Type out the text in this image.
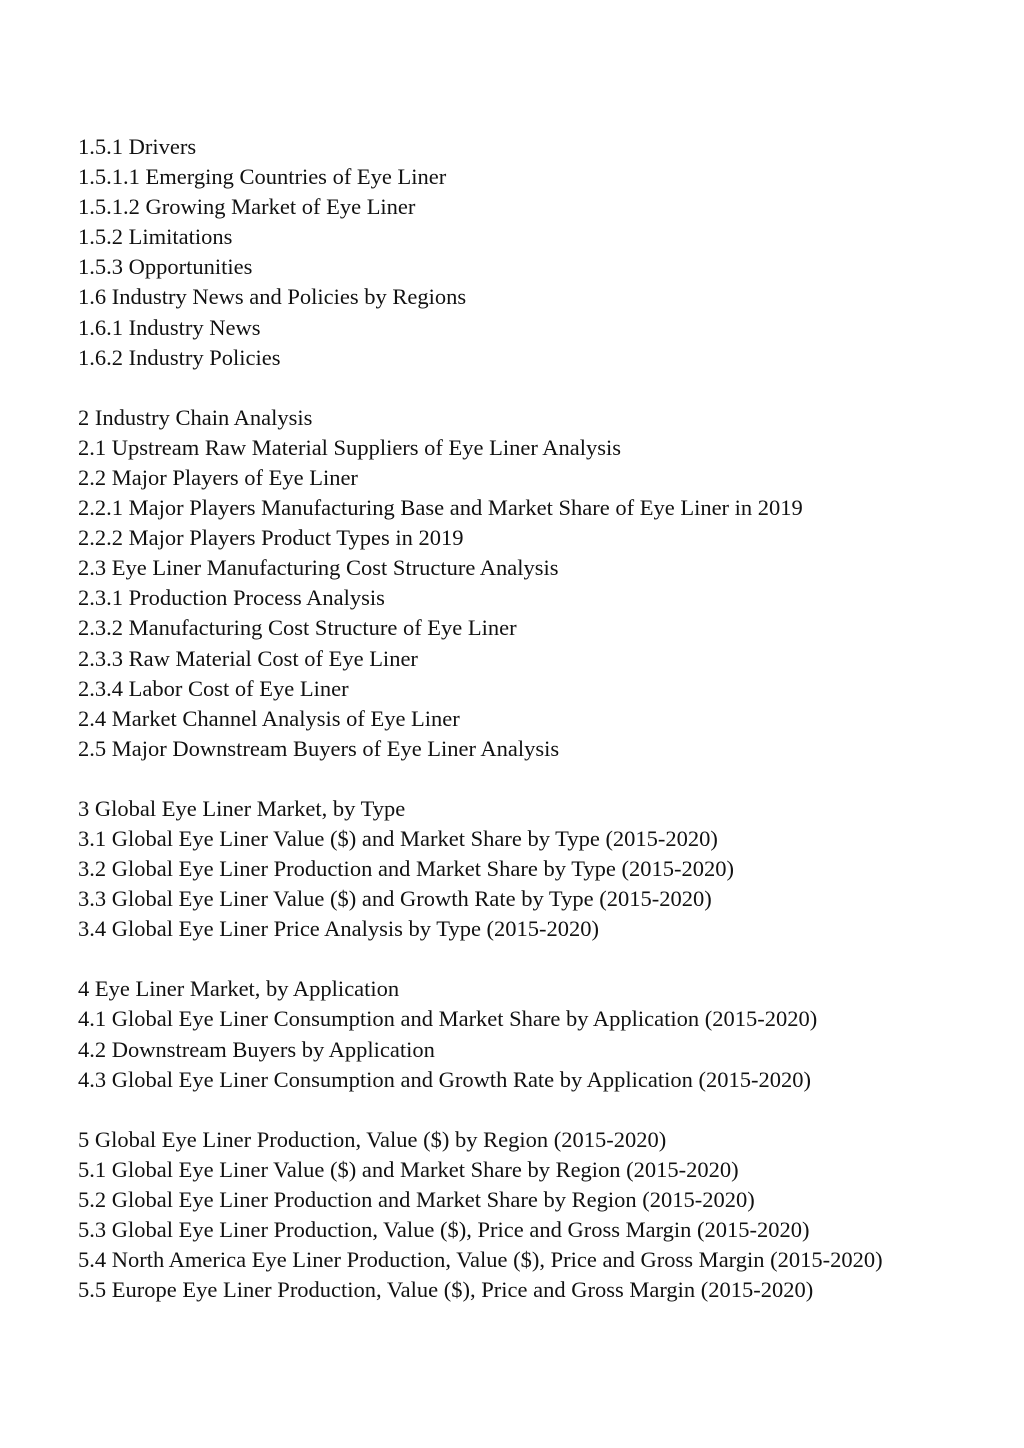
1.5.1 Drivers
1.5.1.1 Emerging Countries of Eye Liner
1.5.1.2 Growing Market of Eye Liner
1.5.2 Limitations
1.5.3 Opportunities
1.6 Industry News and Policies by Regions
1.6.1 Industry News
1.6.2 Industry Policies
2 Industry Chain Analysis
2.1 Upstream Raw Material Suppliers of Eye Liner Analysis
2.2 Major Players of Eye Liner
2.2.1 Major Players Manufacturing Base and Market Share of Eye Liner in 2019
2.2.2 Major Players Product Types in 2019
2.3 Eye Liner Manufacturing Cost Structure Analysis
2.3.1 Production Process Analysis
2.3.2 Manufacturing Cost Structure of Eye Liner
2.3.3 Raw Material Cost of Eye Liner
2.3.4 Labor Cost of Eye Liner
2.4 Market Channel Analysis of Eye Liner
2.5 Major Downstream Buyers of Eye Liner Analysis
3 Global Eye Liner Market, by Type
3.1 Global Eye Liner Value ($) and Market Share by Type (2015-2020)
3.2 Global Eye Liner Production and Market Share by Type (2015-2020)
3.3 Global Eye Liner Value ($) and Growth Rate by Type (2015-2020)
3.4 Global Eye Liner Price Analysis by Type (2015-2020)
4 Eye Liner Market, by Application
4.1 Global Eye Liner Consumption and Market Share by Application (2015-2020)
4.2 Downstream Buyers by Application
4.3 Global Eye Liner Consumption and Growth Rate by Application (2015-2020)
5 Global Eye Liner Production, Value ($) by Region (2015-2020)
5.1 Global Eye Liner Value ($) and Market Share by Region (2015-2020)
5.2 Global Eye Liner Production and Market Share by Region (2015-2020)
5.3 Global Eye Liner Production, Value ($), Price and Gross Margin (2015-2020)
5.4 North America Eye Liner Production, Value ($), Price and Gross Margin (2015-2020)
5.5 Europe Eye Liner Production, Value ($), Price and Gross Margin (2015-2020)
